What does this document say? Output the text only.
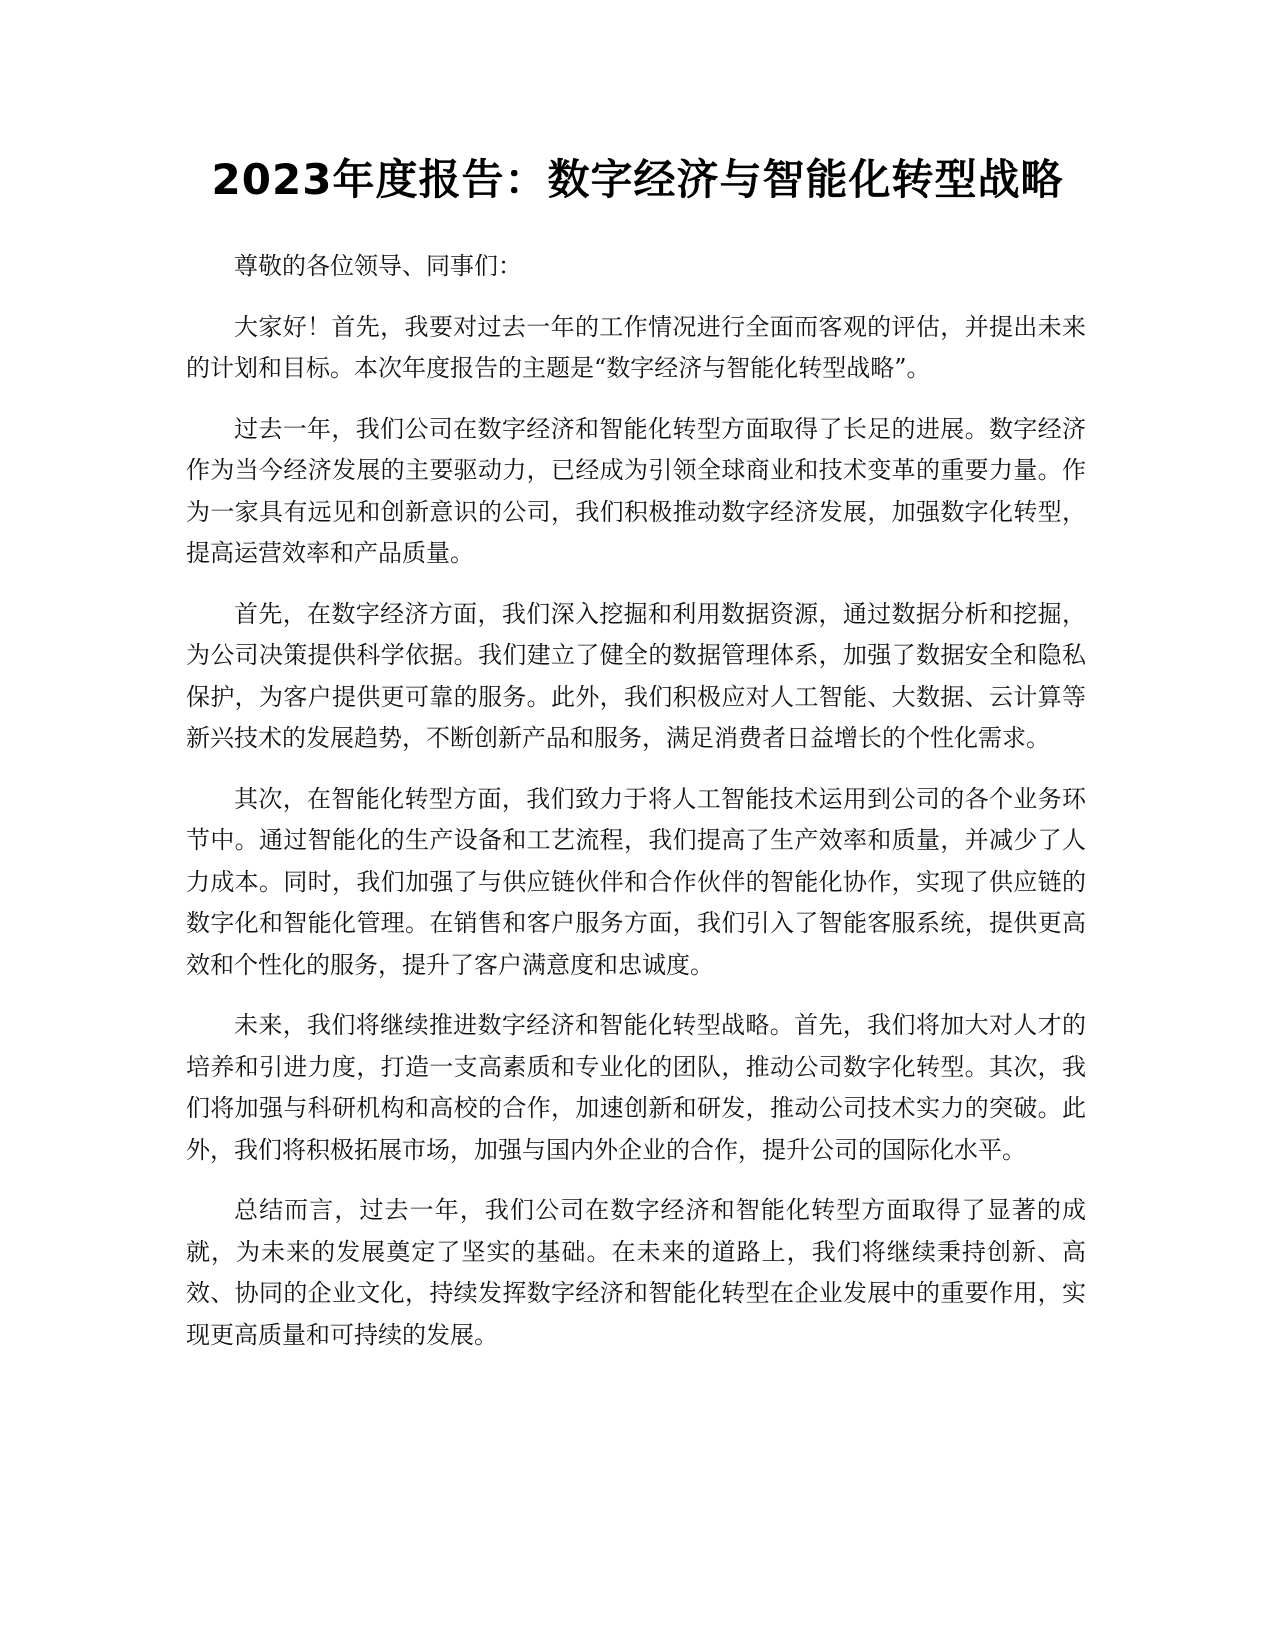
2023年度报告：数字经济与智能化转型战略

尊敬的各位领导、同事们：

大家好！首先，我要对过去一年的工作情况进行全面而客观的评估，并提出未来的计划和目标。本次年度报告的主题是“数字经济与智能化转型战略”。

过去一年，我们公司在数字经济和智能化转型方面取得了长足的进展。数字经济作为当今经济发展的主要驱动力，已经成为引领全球商业和技术变革的重要力量。作为一家具有远见和创新意识的公司，我们积极推动数字经济发展，加强数字化转型，提高运营效率和产品质量。

首先，在数字经济方面，我们深入挖掘和利用数据资源，通过数据分析和挖掘，为公司决策提供科学依据。我们建立了健全的数据管理体系，加强了数据安全和隐私保护，为客户提供更可靠的服务。此外，我们积极应对人工智能、大数据、云计算等新兴技术的发展趋势，不断创新产品和服务，满足消费者日益增长的个性化需求。

其次，在智能化转型方面，我们致力于将人工智能技术运用到公司的各个业务环节中。通过智能化的生产设备和工艺流程，我们提高了生产效率和质量，并减少了人力成本。同时，我们加强了与供应链伙伴和合作伙伴的智能化协作，实现了供应链的数字化和智能化管理。在销售和客户服务方面，我们引入了智能客服系统，提供更高效和个性化的服务，提升了客户满意度和忠诚度。

未来，我们将继续推进数字经济和智能化转型战略。首先，我们将加大对人才的培养和引进力度，打造一支高素质和专业化的团队，推动公司数字化转型。其次，我们将加强与科研机构和高校的合作，加速创新和研发，推动公司技术实力的突破。此外，我们将积极拓展市场，加强与国内外企业的合作，提升公司的国际化水平。

总结而言，过去一年，我们公司在数字经济和智能化转型方面取得了显著的成就，为未来的发展奠定了坚实的基础。在未来的道路上，我们将继续秉持创新、高效、协同的企业文化，持续发挥数字经济和智能化转型在企业发展中的重要作用，实现更高质量和可持续的发展。
